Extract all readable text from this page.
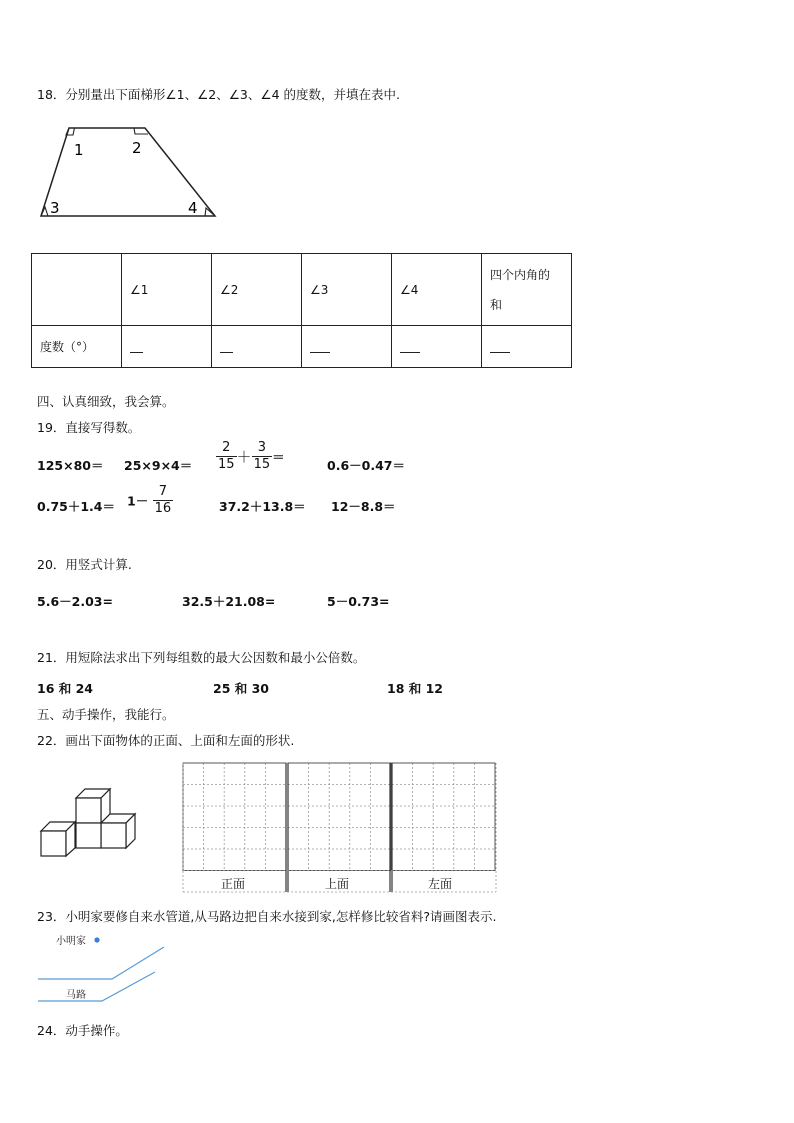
18．分别量出下面梯形∠1、∠2、∠3、∠4 的度数，并填在表中.
1	2
3	4
	∠1	∠2	∠3	∠4	四个内角的
和

度数（°）					
四、认真细致，我会算。
19．直接写得数。
$125\times 80= 25\times 9\times 4= \frac{2}{15} + \frac{3}{15}$ ＝
0.6－0.47＝
$0.75+1.4= 1- \frac{7}{16}$	37.2＋13.8＝ 12－8.8＝
20．用竖式计算.
5.6－2.03=	32.5＋21.08=	5－0.73=
21．用短除法求出下列每组数的最大公因数和最小公倍数。
16 和 24	25 和 30	18 和 12
五、动手操作，我能行。
22．画出下面物体的正面、上面和左面的形状.
正面	上面	左面
23．小明家要修自来水管道,从马路边把自来水接到家,怎样修比较省料?请画图表示.
小明家
马路
24．动手操作。
